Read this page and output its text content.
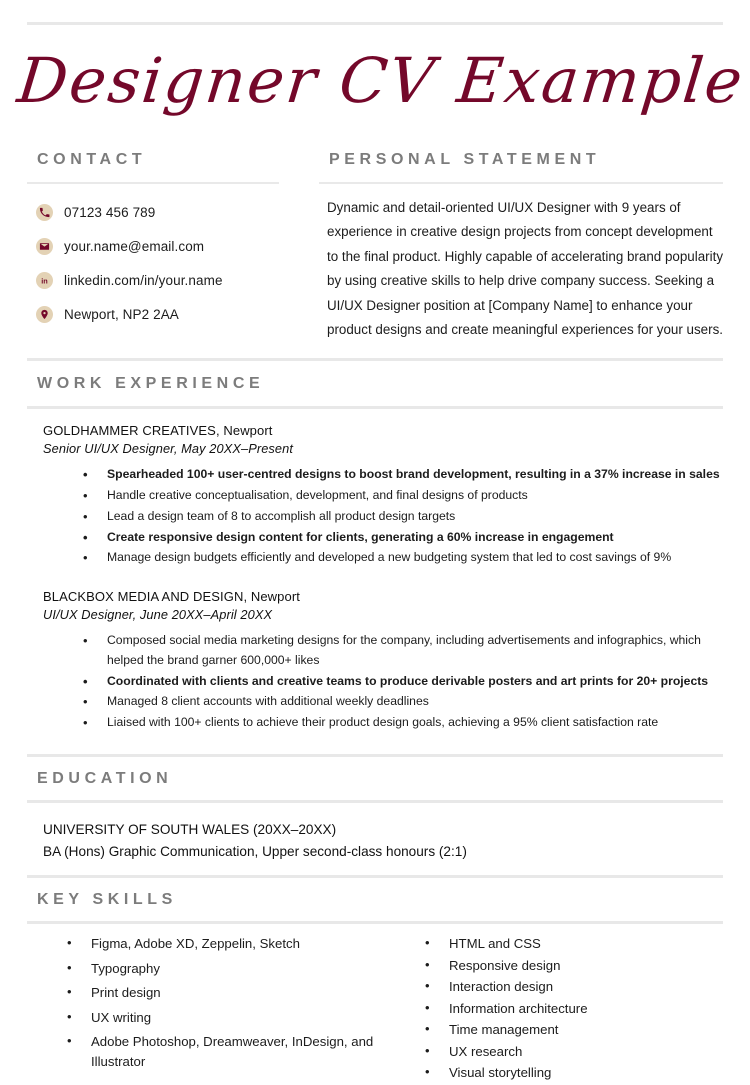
Designer CV Example
CONTACT
07123 456 789
your.name@email.com
in linkedin.com/in/your.name
Newport, NP2 2AA
PERSONAL STATEMENT
Dynamic and detail-oriented UI/UX Designer with 9 years of experience in creative design projects from concept development to the final product. Highly capable of accelerating brand popularity by using creative skills to help drive company success. Seeking a UI/UX Designer position at [Company Name] to enhance your product designs and create meaningful experiences for your users.
WORK EXPERIENCE
GOLDHAMMER CREATIVES, Newport
Senior UI/UX Designer, May 20XX–Present
• Spearheaded 100+ user-centred designs to boost brand development, resulting in a 37% increase in sales
• Handle creative conceptualisation, development, and final designs of products
• Lead a design team of 8 to accomplish all product design targets
• Create responsive design content for clients, generating a 60% increase in engagement
• Manage design budgets efficiently and developed a new budgeting system that led to cost savings of 9%
BLACKBOX MEDIA AND DESIGN, Newport
UI/UX Designer, June 20XX–April 20XX
• Composed social media marketing designs for the company, including advertisements and infographics, which helped the brand garner 600,000+ likes
• Coordinated with clients and creative teams to produce derivable posters and art prints for 20+ projects
• Managed 8 client accounts with additional weekly deadlines
• Liaised with 100+ clients to achieve their product design goals, achieving a 95% client satisfaction rate
EDUCATION
UNIVERSITY OF SOUTH WALES (20XX–20XX)
BA (Hons) Graphic Communication, Upper second-class honours (2:1)
KEY SKILLS
• Figma, Adobe XD, Zeppelin, Sketch
• Typography
• Print design
• UX writing
• Adobe Photoshop, Dreamweaver, InDesign, and Illustrator
• HTML and CSS
• Responsive design
• Interaction design
• Information architecture
• Time management
• UX research
• Visual storytelling
